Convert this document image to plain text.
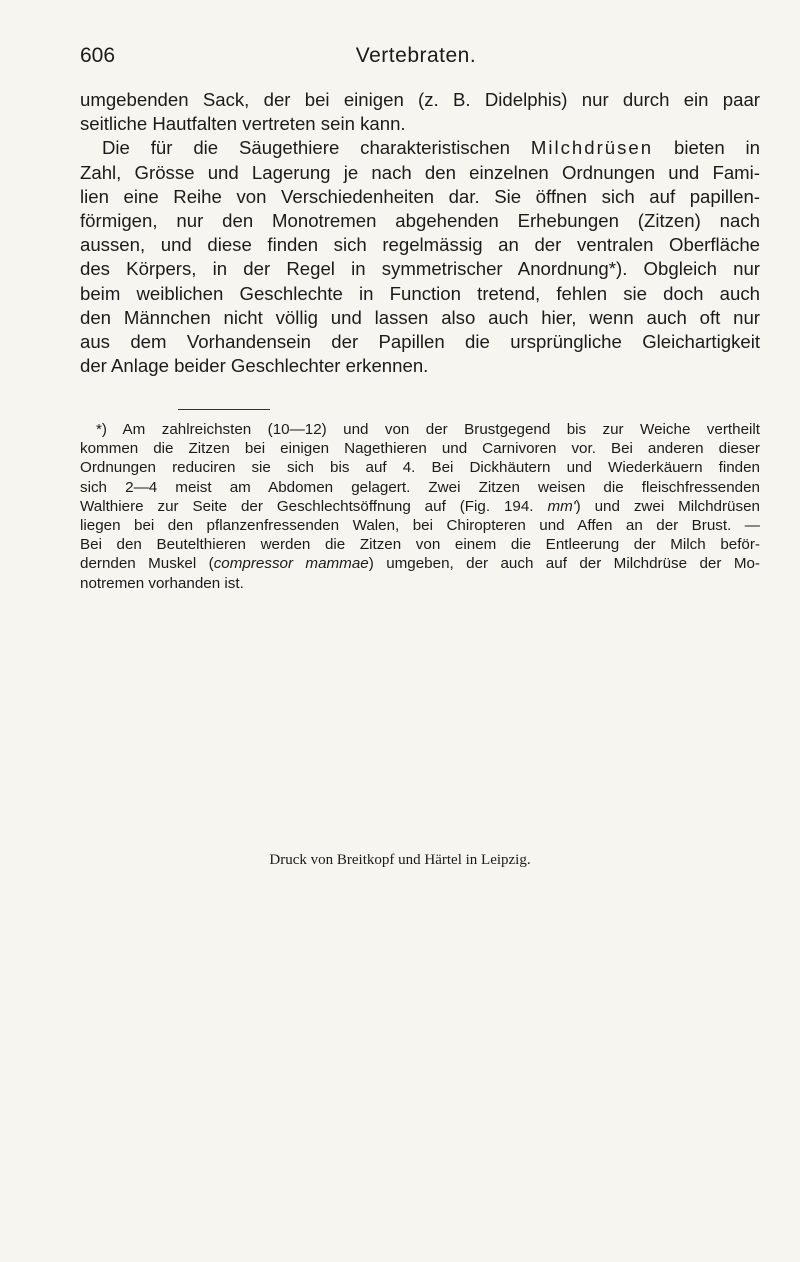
606	Vertebraten.
umgebenden Sack, der bei einigen (z. B. Didelphis) nur durch ein paar
seitliche Hautfalten vertreten sein kann.
Die für die Säugethiere charakteristischen Milchdrüsen bieten in
Zahl, Grösse und Lagerung je nach den einzelnen Ordnungen und Fami-
lien eine Reihe von Verschiedenheiten dar. Sie öffnen sich auf papillen-
förmigen, nur den Monotremen abgehenden Erhebungen (Zitzen) nach
aussen, und diese finden sich regelmässig an der ventralen Oberfläche
des Körpers, in der Regel in symmetrischer Anordnung*). Obgleich nur
beim weiblichen Geschlechte in Function tretend, fehlen sie doch auch
den Männchen nicht völlig und lassen also auch hier, wenn auch oft nur
aus dem Vorhandensein der Papillen die ursprüngliche Gleichartigkeit
der Anlage beider Geschlechter erkennen.
*) Am zahlreichsten (10—12) und von der Brustgegend bis zur Weiche vertheilt
kommen die Zitzen bei einigen Nagethieren und Carnivoren vor. Bei anderen dieser
Ordnungen reduciren sie sich bis auf 4. Bei Dickhäutern und Wiederkäuern finden
sich 2—4 meist am Abdomen gelagert. Zwei Zitzen weisen die fleischfressenden
Walthiere zur Seite der Geschlechtsöffnung auf (Fig. 194. mm') und zwei Milchdrüsen
liegen bei den pflanzenfressenden Walen, bei Chiropteren und Affen an der Brust. —
Bei den Beutelthieren werden die Zitzen von einem die Entleerung der Milch beför-
dernden Muskel (compressor mammae) umgeben, der auch auf der Milchdrüse der Mo-
notremen vorhanden ist.
Druck von Breitkopf und Härtel in Leipzig.
